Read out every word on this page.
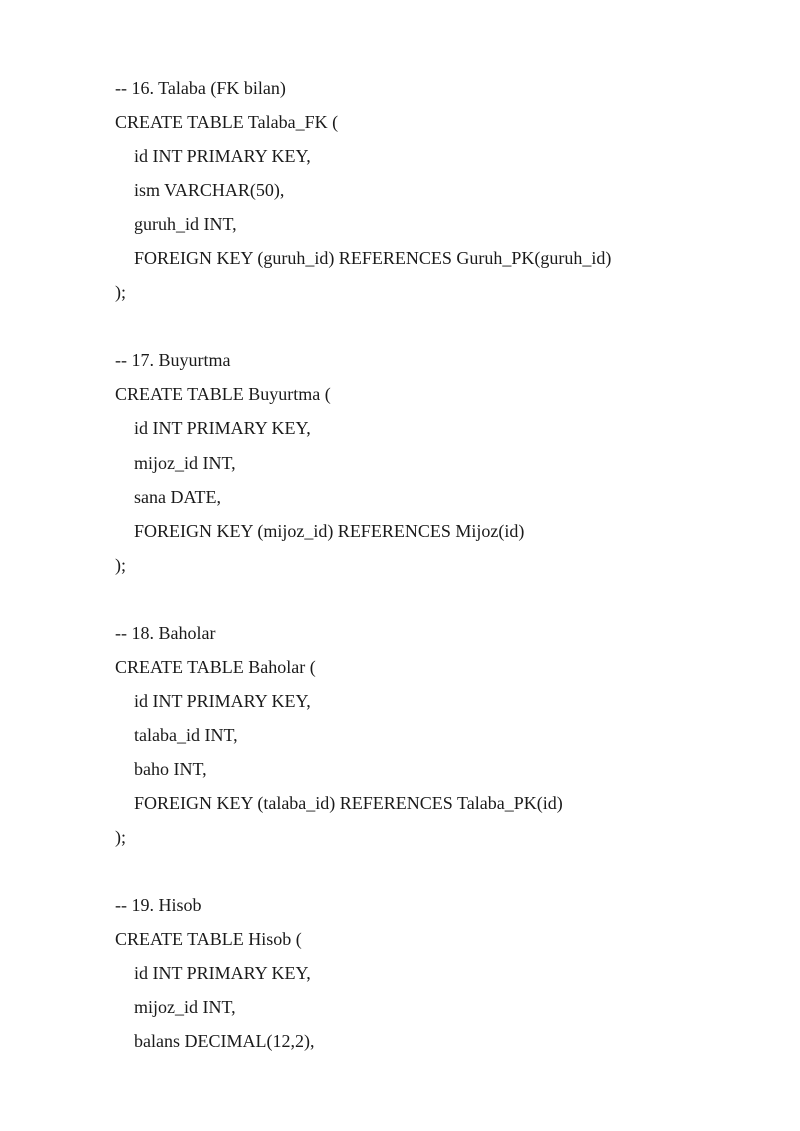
-- 16. Talaba (FK bilan)
CREATE TABLE Talaba_FK (
id INT PRIMARY KEY,
ism VARCHAR(50),
guruh_id INT,
FOREIGN KEY (guruh_id) REFERENCES Guruh_PK(guruh_id)
);
-- 17. Buyurtma
CREATE TABLE Buyurtma (
id INT PRIMARY KEY,
mijoz_id INT,
sana DATE,
FOREIGN KEY (mijoz_id) REFERENCES Mijoz(id)
);
-- 18. Baholar
CREATE TABLE Baholar (
id INT PRIMARY KEY,
talaba_id INT,
baho INT,
FOREIGN KEY (talaba_id) REFERENCES Talaba_PK(id)
);
-- 19. Hisob
CREATE TABLE Hisob (
id INT PRIMARY KEY,
mijoz_id INT,
balans DECIMAL(12,2),
